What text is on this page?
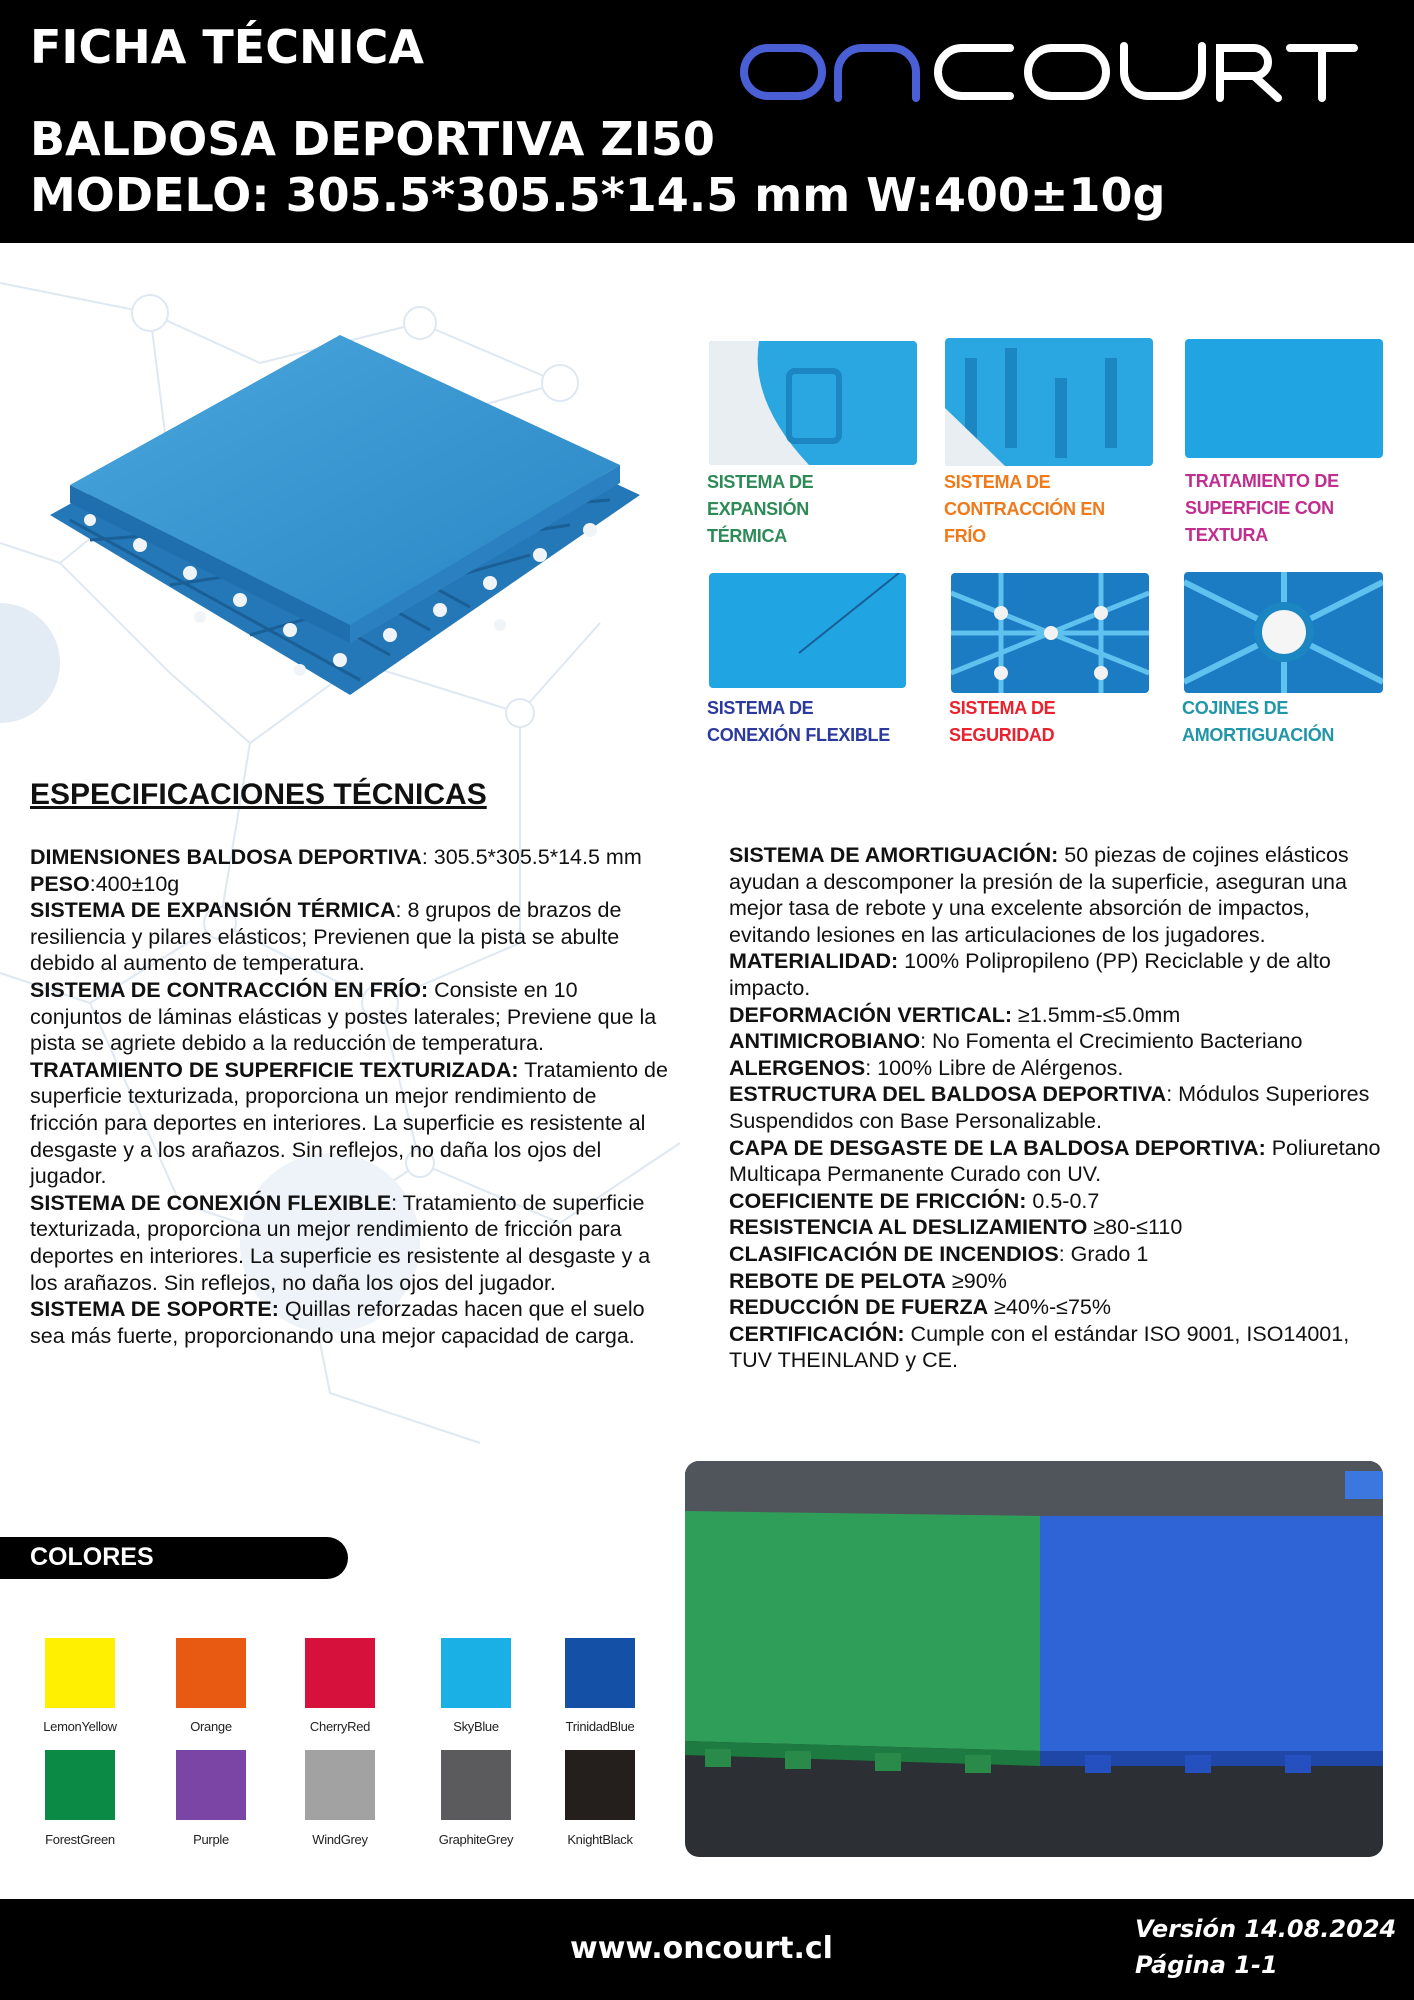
FICHA TÉCNICA
BALDOSA DEPORTIVA ZI50
MODELO: 305.5*305.5*14.5 mm W:400±10g
SISTEMA DE
EXPANSIÓN
TÉRMICA
SISTEMA DE
CONTRACCIÓN EN
FRÍO
TRATAMIENTO DE
SUPERFICIE CON
TEXTURA
SISTEMA DE
CONEXIÓN FLEXIBLE
SISTEMA DE
SEGURIDAD
COJINES DE
AMORTIGUACIÓN
ESPECIFICACIONES TÉCNICAS

DIMENSIONES BALDOSA DEPORTIVA: 305.5*305.5*14.5 mm

PESO:400±10g

SISTEMA DE EXPANSIÓN TÉRMICA: 8 grupos de brazos de resiliencia y pilares elásticos; Previenen que la pista se abulte debido al aumento de temperatura.

SISTEMA DE CONTRACCIÓN EN FRÍO: Consiste en 10 conjuntos de láminas elásticas y postes laterales; Previene que la pista se agriete debido a la reducción de temperatura.

TRATAMIENTO DE SUPERFICIE TEXTURIZADA: Tratamiento de superficie texturizada, proporciona un mejor rendimiento de fricción para deportes en interiores. La superficie es resistente al desgaste y a los arañazos. Sin reflejos, no daña los ojos del jugador.

SISTEMA DE CONEXIÓN FLEXIBLE: Tratamiento de superficie texturizada, proporciona un mejor rendimiento de fricción para deportes en interiores. La superficie es resistente al desgaste y a los arañazos. Sin reflejos, no daña los ojos del jugador.

SISTEMA DE SOPORTE: Quillas reforzadas hacen que el suelo sea más fuerte, proporcionando una mejor capacidad de carga.

SISTEMA DE AMORTIGUACIÓN: 50 piezas de cojines elásticos ayudan a descomponer la presión de la superficie, aseguran una mejor tasa de rebote y una excelente absorción de impactos, evitando lesiones en las articulaciones de los jugadores.

MATERIALIDAD: 100% Polipropileno (PP) Reciclable y de alto impacto.

DEFORMACIÓN VERTICAL: ≥1.5mm-≤5.0mm

ANTIMICROBIANO: No Fomenta el Crecimiento Bacteriano

ALERGENOS: 100% Libre de Alérgenos.

ESTRUCTURA DEL BALDOSA DEPORTIVA: Módulos Superiores Suspendidos con Base Personalizable.

CAPA DE DESGASTE DE LA BALDOSA DEPORTIVA: Poliuretano Multicapa Permanente Curado con UV.

COEFICIENTE DE FRICCIÓN: 0.5-0.7

RESISTENCIA AL DESLIZAMIENTO ≥80-≤110

CLASIFICACIÓN DE INCENDIOS: Grado 1

REBOTE DE PELOTA ≥90%

REDUCCIÓN DE FUERZA ≥40%-≤75%

CERTIFICACIÓN: Cumple con el estándar ISO 9001, ISO14001, TUV THEINLAND y CE.

COLORES
LemonYellow	Orange	CherryRed	SkyBlue	TrinidadBlue
ForestGreen	Purple	WindGrey	GraphiteGrey	KnightBlack
www.oncourt.cl
Versión 14.08.2024
Página 1-1
